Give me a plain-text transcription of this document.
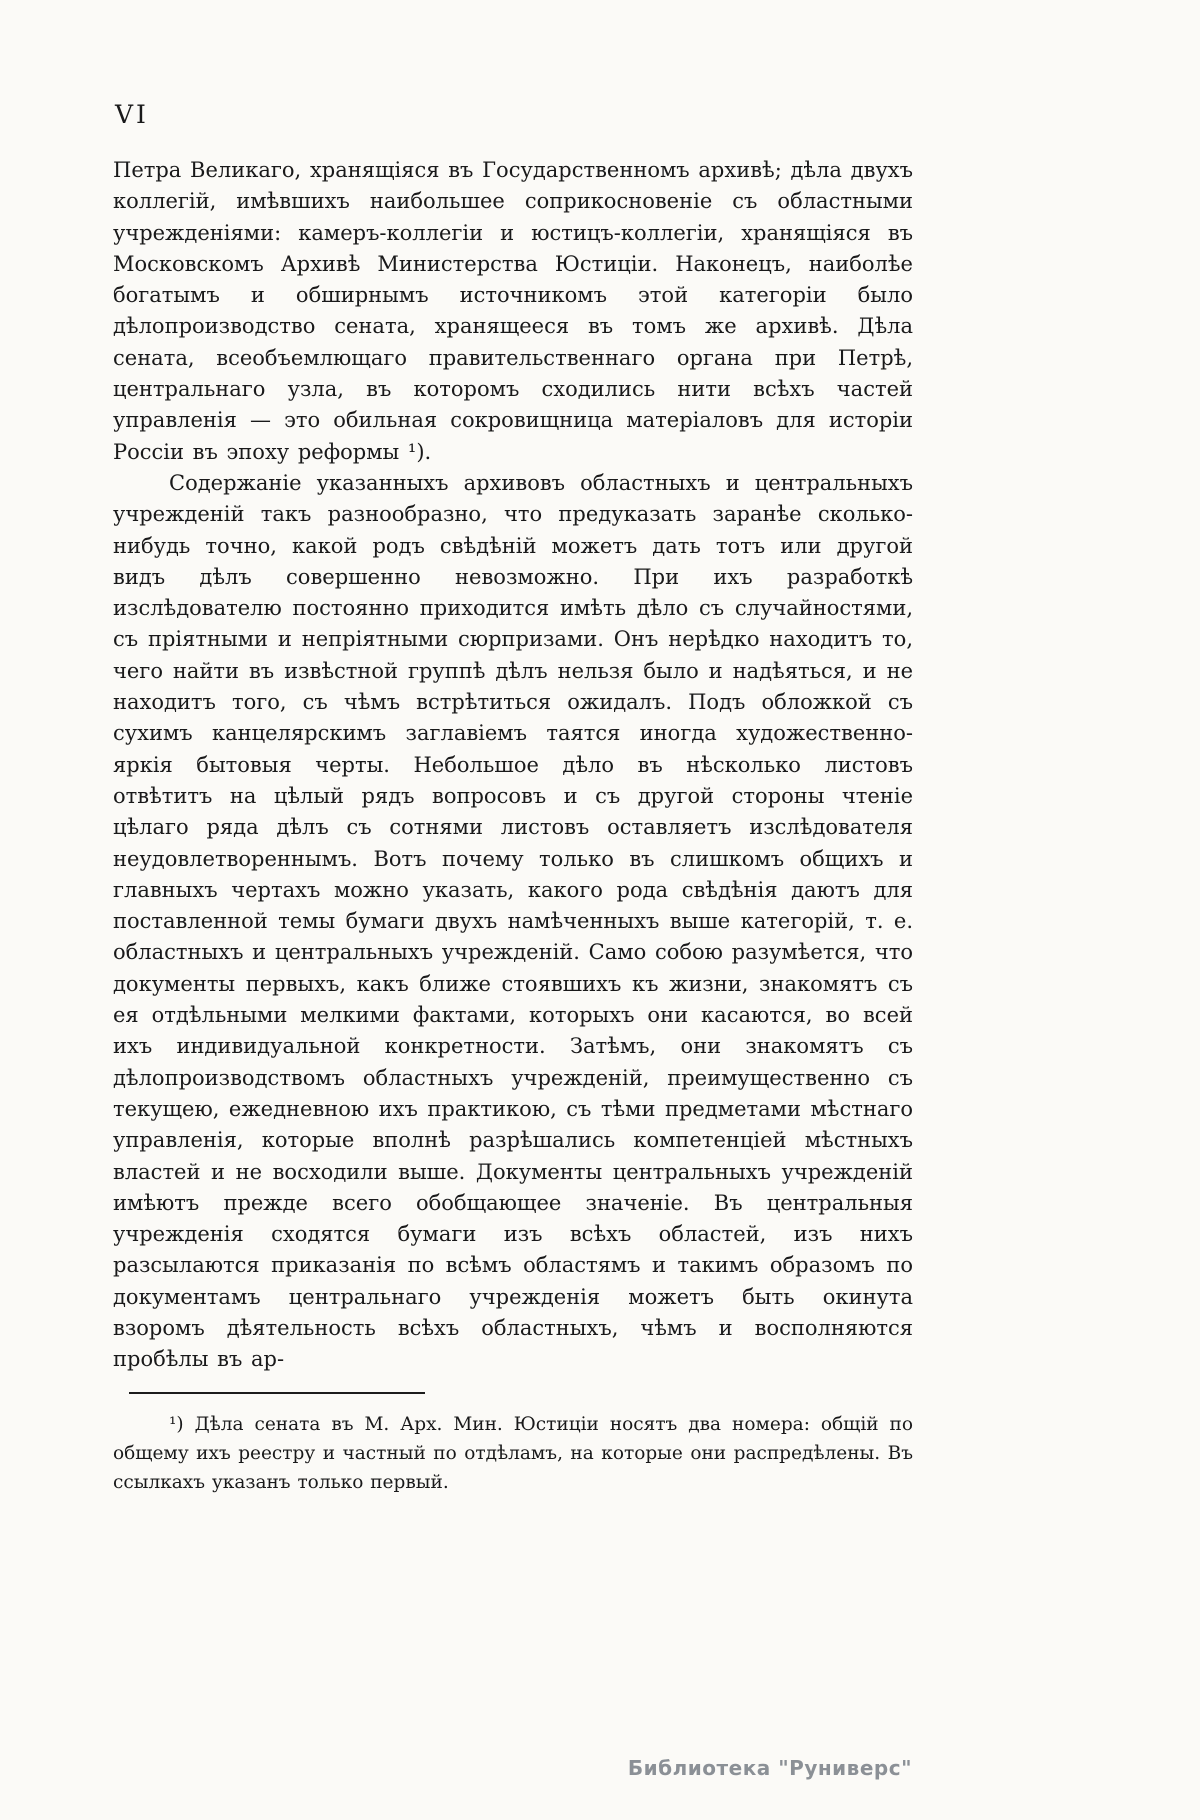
VI

Петра Великаго, хранящіяся въ Государственномъ архивѣ; дѣла двухъ коллегій, имѣвшихъ наибольшее соприкосновеніе съ областными учрежденіями: камеръ-коллегіи и юстицъ-коллегіи, хранящіяся въ Московскомъ Архивѣ Министерства Юстиціи. Наконецъ, наиболѣе богатымъ и обширнымъ источникомъ этой категоріи было дѣлопроизводство сената, хранящееся въ томъ же архивѣ. Дѣла сената, всеобъемлющаго правительственнаго органа при Петрѣ, центральнаго узла, въ которомъ сходились нити всѣхъ частей управленія — это обильная сокровищница матеріаловъ для исторіи Россіи въ эпоху реформы ¹).

Содержаніе указанныхъ архивовъ областныхъ и центральныхъ учрежденій такъ разнообразно, что предуказать заранѣе сколько-нибудь точно, какой родъ свѣдѣній можетъ дать тотъ или другой видъ дѣлъ совершенно невозможно. При ихъ разработкѣ изслѣдователю постоянно приходится имѣть дѣло съ случайностями, съ пріятными и непріятными сюрпризами. Онъ нерѣдко находитъ то, чего найти въ извѣстной группѣ дѣлъ нельзя было и надѣяться, и не находитъ того, съ чѣмъ встрѣтиться ожидалъ. Подъ обложкой съ сухимъ канцелярскимъ заглавіемъ таятся иногда художественно-яркія бытовыя черты. Небольшое дѣло въ нѣсколько листовъ отвѣтитъ на цѣлый рядъ вопросовъ и съ другой стороны чтеніе цѣлаго ряда дѣлъ съ сотнями листовъ оставляетъ изслѣдователя неудовлетвореннымъ. Вотъ почему только въ слишкомъ общихъ и главныхъ чертахъ можно указать, какого рода свѣдѣнія даютъ для поставленной темы бумаги двухъ намѣченныхъ выше категорій, т. е. областныхъ и центральныхъ учрежденій. Само собою разумѣется, что документы первыхъ, какъ ближе стоявшихъ къ жизни, знакомятъ съ ея отдѣльными мелкими фактами, которыхъ они касаются, во всей ихъ индивидуальной конкретности. Затѣмъ, они знакомятъ съ дѣлопроизводствомъ областныхъ учрежденій, преимущественно съ текущею, ежедневною ихъ практикою, съ тѣми предметами мѣстнаго управленія, которые вполнѣ разрѣшались компетенціей мѣстныхъ властей и не восходили выше. Документы центральныхъ учрежденій имѣютъ прежде всего обобщающее значеніе. Въ центральныя учрежденія сходятся бумаги изъ всѣхъ областей, изъ нихъ разсылаются приказанія по всѣмъ областямъ и такимъ образомъ по документамъ центральнаго учрежденія можетъ быть окинута взоромъ дѣятельность всѣхъ областныхъ, чѣмъ и восполняются пробѣлы въ ар-

¹) Дѣла сената въ М. Арх. Мин. Юстиціи носятъ два номера: общій по общему ихъ реестру и частный по отдѣламъ, на которые они распредѣлены. Въ ссылкахъ указанъ только первый.
Библиотека "Руниверс"
